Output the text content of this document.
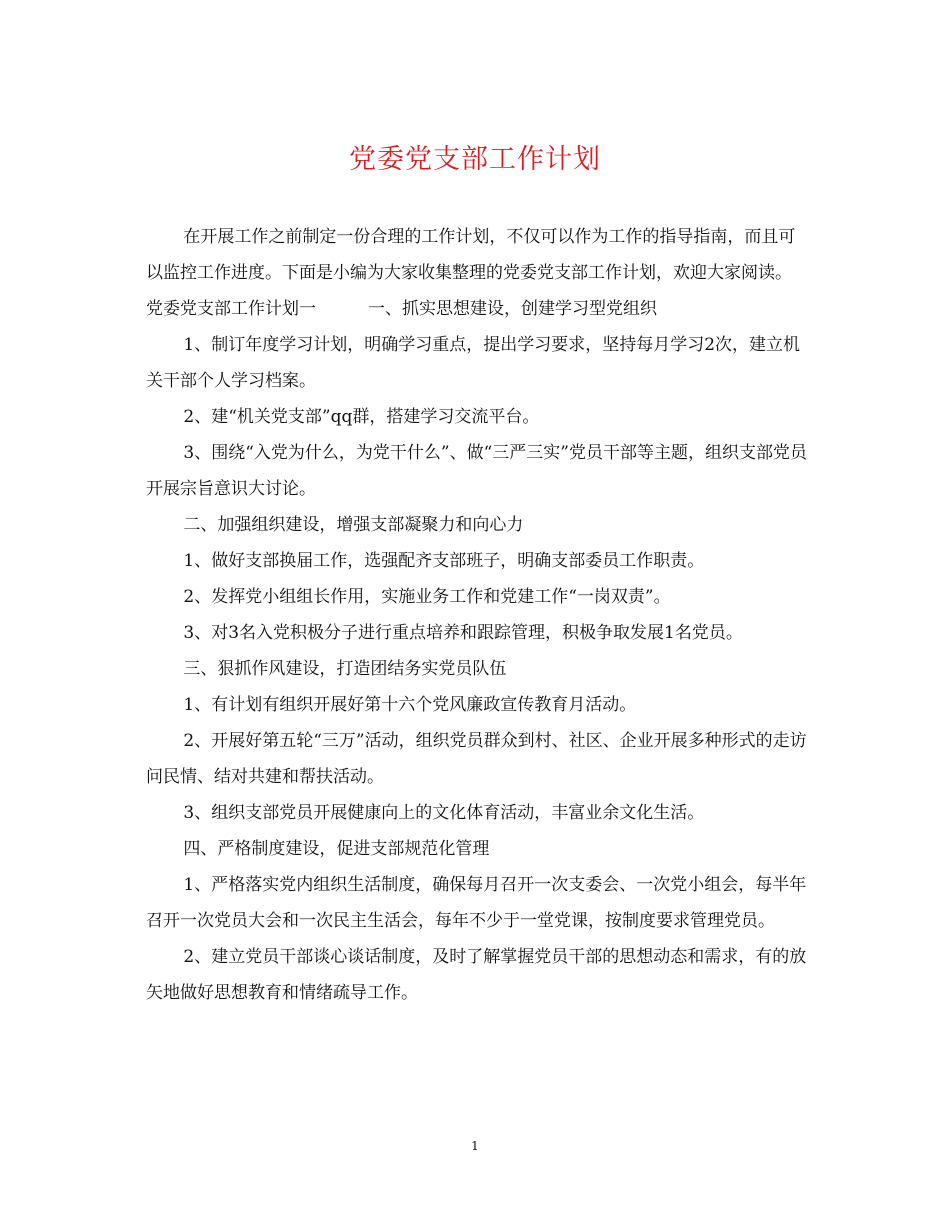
党委党支部工作计划

在开展工作之前制定一份合理的工作计划，不仅可以作为工作的指导指南，而且可以监控工作进度。下面是小编为大家收集整理的党委党支部工作计划，欢迎大家阅读。

党委党支部工作计划一	一、抓实思想建设，创建学习型党组织

1、制订年度学习计划，明确学习重点，提出学习要求，坚持每月学习2次，建立机关干部个人学习档案。

2、建“机关党支部”qq群，搭建学习交流平台。

3、围绕“入党为什么，为党干什么”、做“三严三实”党员干部等主题，组织支部党员开展宗旨意识大讨论。

二、加强组织建设，增强支部凝聚力和向心力

1、做好支部换届工作，选强配齐支部班子，明确支部委员工作职责。

2、发挥党小组组长作用，实施业务工作和党建工作“一岗双责”。

3、对3名入党积极分子进行重点培养和跟踪管理，积极争取发展1名党员。

三、狠抓作风建设，打造团结务实党员队伍

1、有计划有组织开展好第十六个党风廉政宣传教育月活动。

2、开展好第五轮“三万”活动，组织党员群众到村、社区、企业开展多种形式的走访问民情、结对共建和帮扶活动。

3、组织支部党员开展健康向上的文化体育活动，丰富业余文化生活。

四、严格制度建设，促进支部规范化管理

1、严格落实党内组织生活制度，确保每月召开一次支委会、一次党小组会，每半年召开一次党员大会和一次民主生活会，每年不少于一堂党课，按制度要求管理党员。

2、建立党员干部谈心谈话制度，及时了解掌握党员干部的思想动态和需求，有的放矢地做好思想教育和情绪疏导工作。

1
